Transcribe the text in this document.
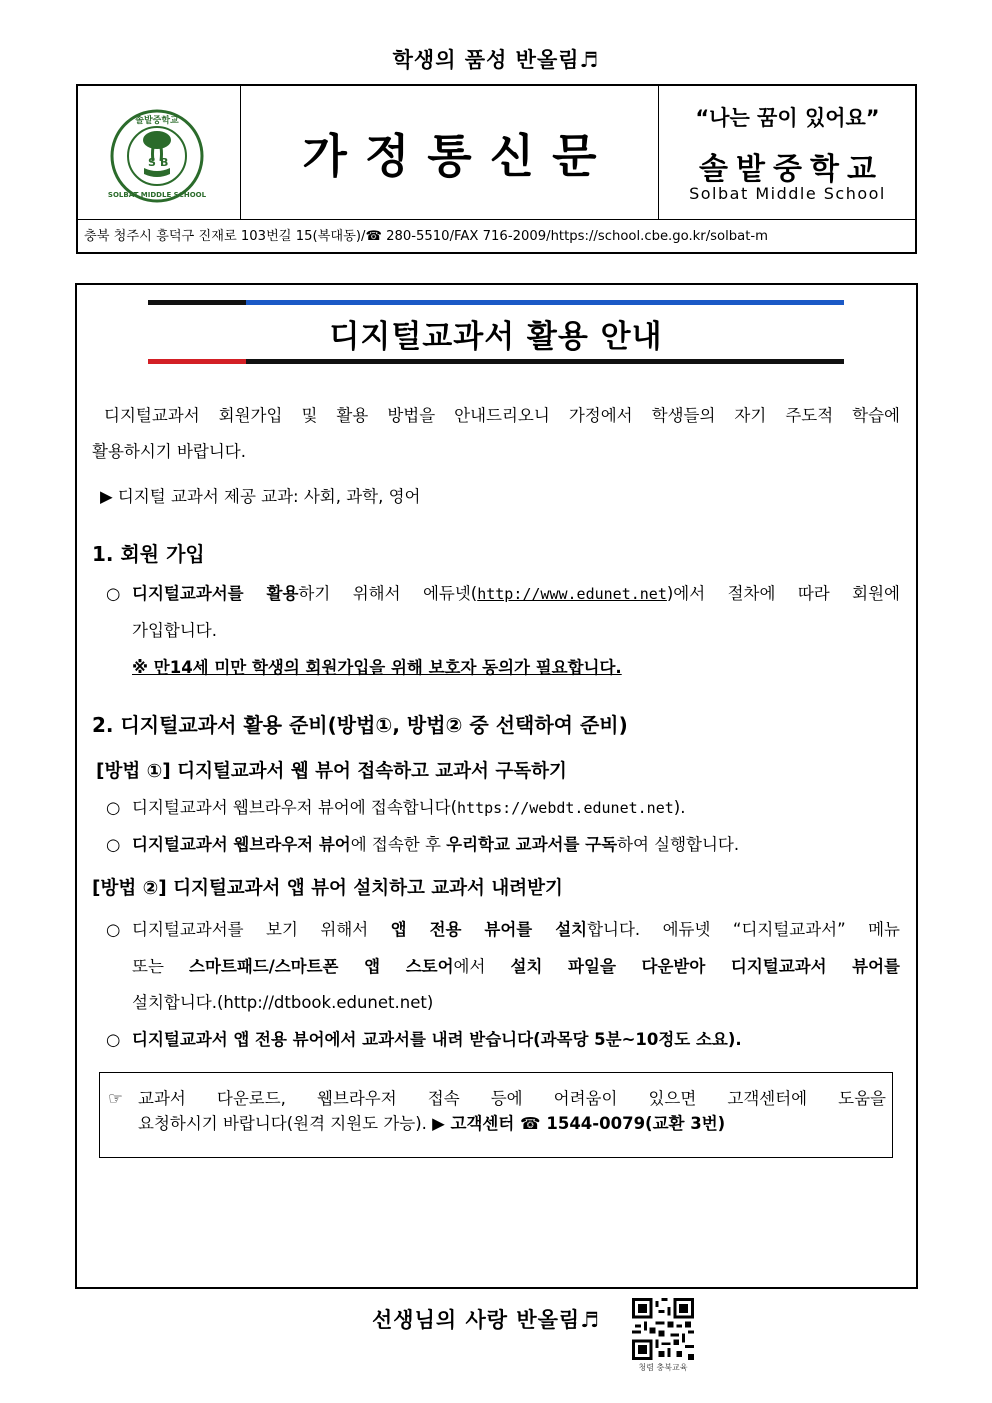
학생의 품성 반올림♬
S B
솔밭중학교
SOLBAT MIDDLE SCHOOL
가정통신문
“나는 꿈이 있어요”
솔밭중학교
Solbat Middle School
충북 청주시 흥덕구 진재로 103번길 15(복대동)/☎ 280-5510/FAX 716-2009/https://school.cbe.go.kr/solbat-m
디지털교과서 활용 안내
디지털교과서 회원가입 및 활용 방법을 안내드리오니 가정에서 학생들의 자기 주도적 학습에
활용하시기 바랍니다.
▶ 디지털 교과서 제공 교과: 사회, 과학, 영어
1. 회원 가입
○ 디지털교과서를 활용하기 위해서 에듀넷(http://www.edunet.net)에서 절차에 따라 회원에
가입합니다.
※ 만14세 미만 학생의 회원가입을 위해 보호자 동의가 필요합니다.
2. 디지털교과서 활용 준비(방법①, 방법② 중 선택하여 준비)
[방법 ①] 디지털교과서 웹 뷰어 접속하고 교과서 구독하기
○ 디지털교과서 웹브라우저 뷰어에 접속합니다(https://webdt.edunet.net).
○ 디지털교과서 웹브라우저 뷰어에 접속한 후 우리학교 교과서를 구독하여 실행합니다.
[방법 ②] 디지털교과서 앱 뷰어 설치하고 교과서 내려받기
○ 디지털교과서를 보기 위해서 앱 전용 뷰어를 설치합니다. 에듀넷 “디지털교과서” 메뉴
또는 스마트패드/스마트폰 앱 스토어에서 설치 파일을 다운받아 디지털교과서 뷰어를
설치합니다.(http://dtbook.edunet.net)
○ 디지털교과서 앱 전용 뷰어에서 교과서를 내려 받습니다(과목당 5분~10정도 소요).
☞ 교과서 다운로드, 웹브라우저 접속 등에 어려움이 있으면 고객센터에 도움을
요청하시기 바랍니다(원격 지원도 가능). ▶ 고객센터 ☎ 1544-0079(교환 3번)
선생님의 사랑 반올림♬
청렴 충북교육
